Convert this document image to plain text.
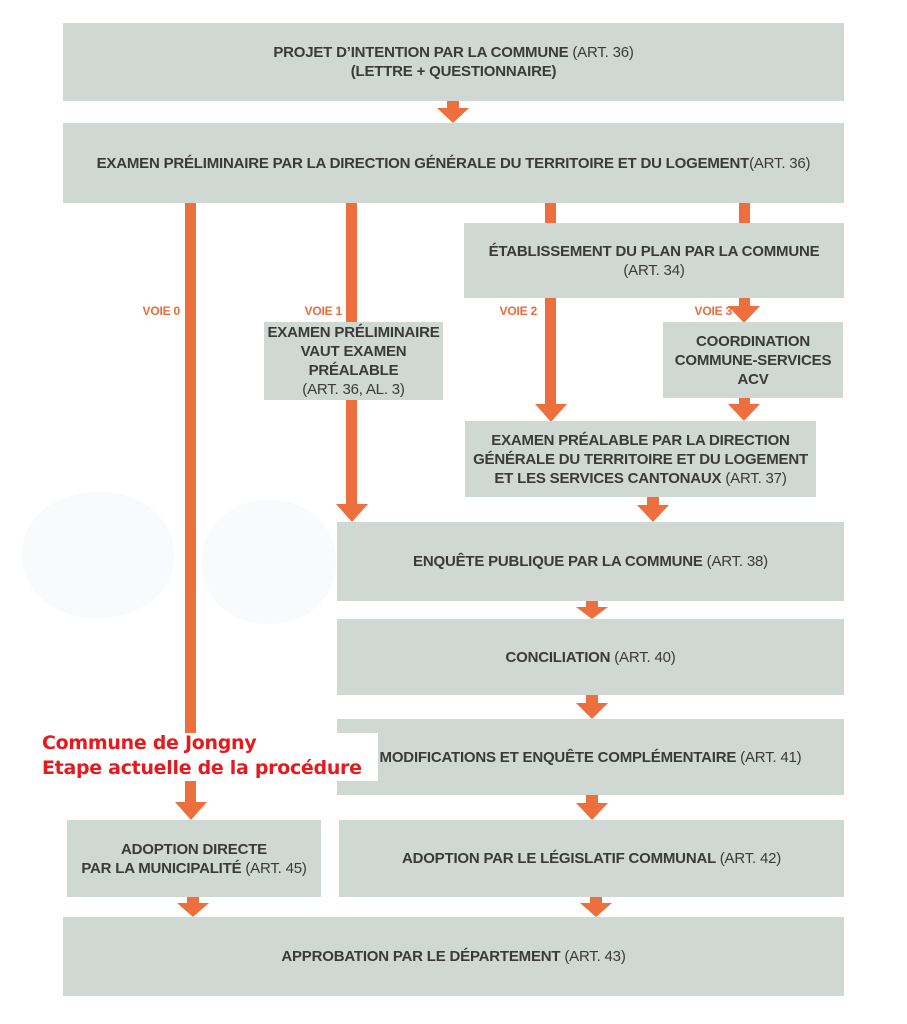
VOIE 0	VOIE 1	VOIE 2	VOIE 3
PROJET D’INTENTION PAR LA COMMUNE (ART. 36)
(LETTRE + QUESTIONNAIRE)
EXAMEN PRÉLIMINAIRE PAR LA DIRECTION GÉNÉRALE DU TERRITOIRE ET DU LOGEMENT(ART. 36)
ÉTABLISSEMENT DU PLAN PAR LA COMMUNE
(ART. 34)
EXAMEN PRÉLIMINAIRE
VAUT EXAMEN
PRÉALABLE
(ART. 36, AL. 3)
COORDINATION
COMMUNE-SERVICES
ACV
EXAMEN PRÉALABLE PAR LA DIRECTION
GÉNÉRALE DU TERRITOIRE ET DU LOGEMENT
ET LES SERVICES CANTONAUX (ART. 37)
ENQUÊTE PUBLIQUE PAR LA COMMUNE (ART. 38)
CONCILIATION (ART. 40)
MODIFICATIONS ET ENQUÊTE COMPLÉMENTAIRE (ART. 41)
ADOPTION DIRECTE
PAR LA MUNICIPALITÉ (ART. 45)
ADOPTION PAR LE LÉGISLATIF COMMUNAL (ART. 42)
APPROBATION PAR LE DÉPARTEMENT (ART. 43)
Commune de Jongny
Etape actuelle de la procédure
